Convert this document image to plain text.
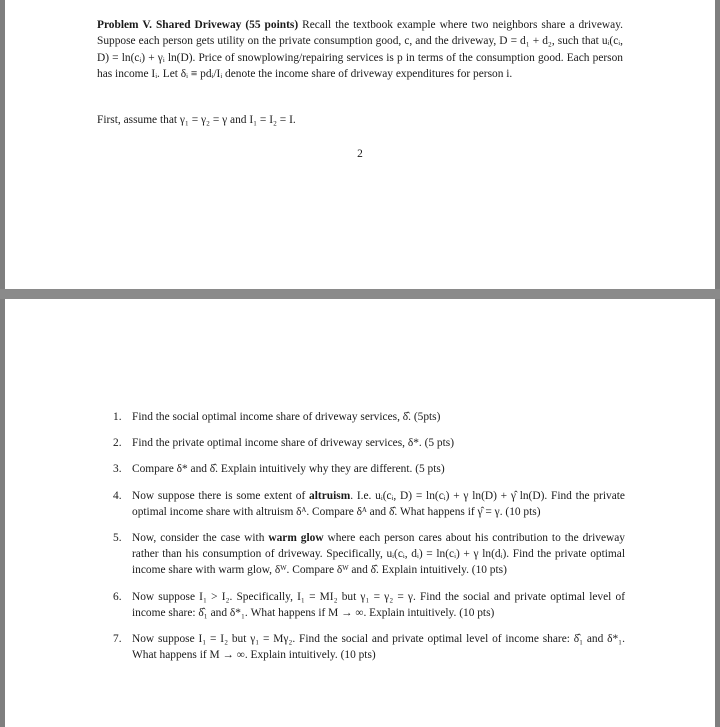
Problem V. Shared Driveway (55 points) Recall the textbook example where two neighbors share a driveway. Suppose each person gets utility on the private consumption good, c, and the driveway, D = d₁ + d₂, such that uᵢ(cᵢ, D) = ln(cᵢ) + γᵢ ln(D). Price of snowplowing/repairing services is p in terms of the consumption good. Each person has income Iᵢ. Let δᵢ ≡ pdᵢ/Iᵢ denote the income share of driveway expenditures for person i.
First, assume that γ₁ = γ₂ = γ and I₁ = I₂ = I.
2
1. Find the social optimal income share of driveway services, δ̂. (5pts)
2. Find the private optimal income share of driveway services, δ*. (5 pts)
3. Compare δ* and δ̂. Explain intuitively why they are different. (5 pts)
4. Now suppose there is some extent of altruism. I.e. uᵢ(cᵢ, D) = ln(cᵢ) + γ ln(D) + γ̂ ln(D). Find the private optimal income share with altruism δᴬ. Compare δᴬ and δ̂. What happens if γ̂ = γ. (10 pts)
5. Now, consider the case with warm glow where each person cares about his contribution to the driveway rather than his consumption of driveway. Specifically, uᵢ(cᵢ, dᵢ) = ln(cᵢ) + γ ln(dᵢ). Find the private optimal income share with warm glow, δᵂ. Compare δᵂ and δ̂. Explain intuitively. (10 pts)
6. Now suppose I₁ > I₂. Specifically, I₁ = MI₂ but γ₁ = γ₂ = γ. Find the social and private optimal level of income share: δ̂₁ and δ*₁. What happens if M → ∞. Explain intuitively. (10 pts)
7. Now suppose I₁ = I₂ but γ₁ = Mγ₂. Find the social and private optimal level of income share: δ̂₁ and δ*₁. What happens if M → ∞. Explain intuitively. (10 pts)
